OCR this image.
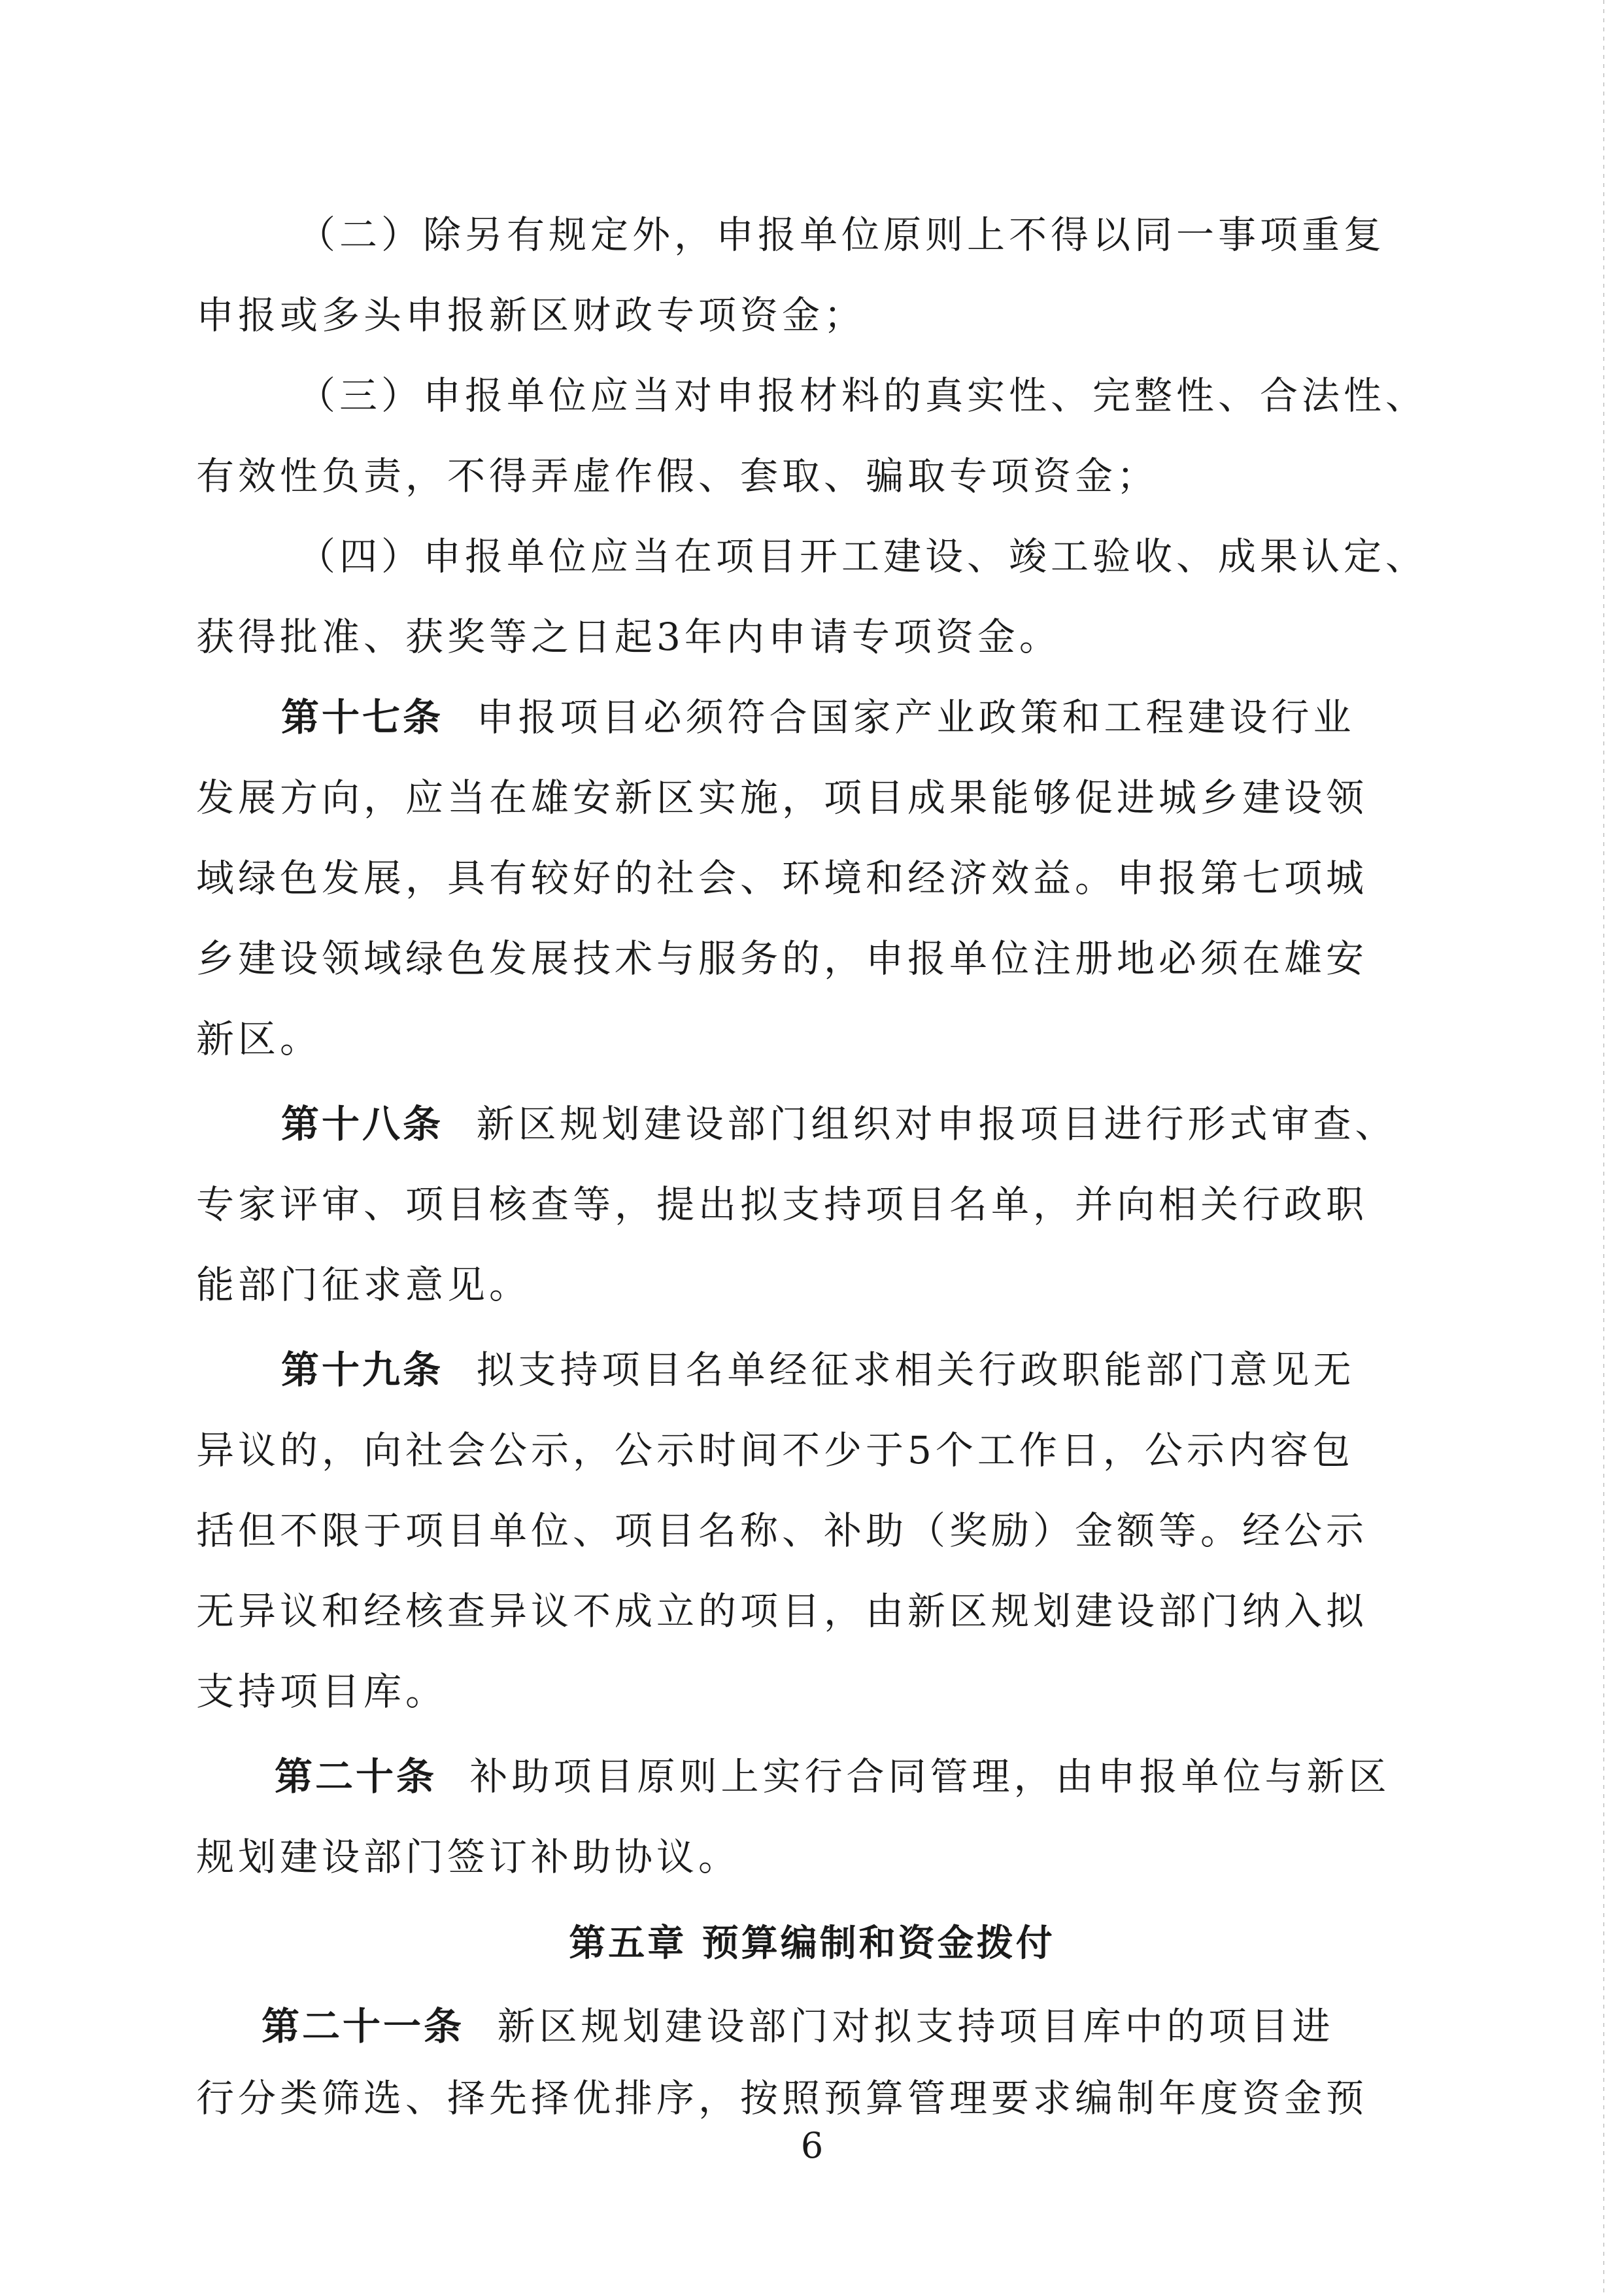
（二）除另有规定外，申报单位原则上不得以同一事项重复
申报或多头申报新区财政专项资金；
（三）申报单位应当对申报材料的真实性、完整性、合法性、
有效性负责，不得弄虚作假、套取、骗取专项资金；
（四）申报单位应当在项目开工建设、竣工验收、成果认定、
获得批准、获奖等之日起3年内申请专项资金。
第十七条 申报项目必须符合国家产业政策和工程建设行业
发展方向，应当在雄安新区实施，项目成果能够促进城乡建设领
域绿色发展，具有较好的社会、环境和经济效益。申报第七项城
乡建设领域绿色发展技术与服务的，申报单位注册地必须在雄安
新区。
第十八条 新区规划建设部门组织对申报项目进行形式审查、
专家评审、项目核查等，提出拟支持项目名单，并向相关行政职
能部门征求意见。
第十九条 拟支持项目名单经征求相关行政职能部门意见无
异议的，向社会公示，公示时间不少于5个工作日，公示内容包
括但不限于项目单位、项目名称、补助（奖励）金额等。经公示
无异议和经核查异议不成立的项目，由新区规划建设部门纳入拟
支持项目库。
第二十条 补助项目原则上实行合同管理，由申报单位与新区
规划建设部门签订补助协议。
第五章 预算编制和资金拨付
第二十一条 新区规划建设部门对拟支持项目库中的项目进
行分类筛选、择先择优排序，按照预算管理要求编制年度资金预
6
